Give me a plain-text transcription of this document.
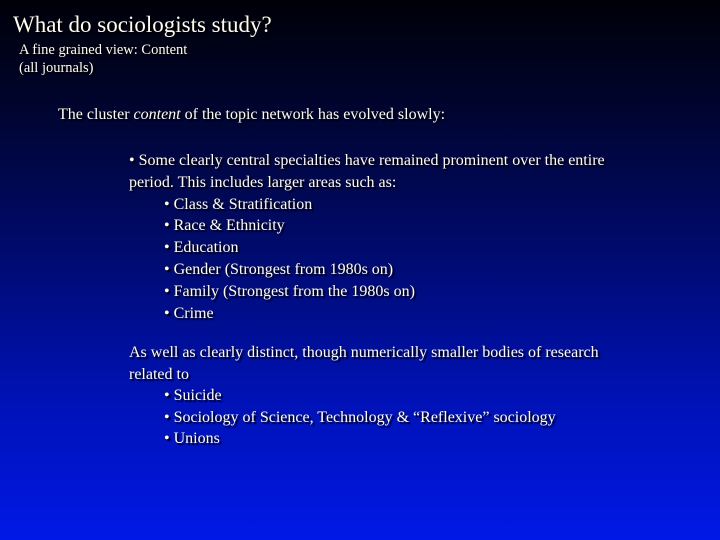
What do sociologists study?
A fine grained view: Content
(all journals)
The cluster content of the topic network has evolved slowly:
• Some clearly central specialties have remained prominent over the entire
period. This includes larger areas such as:
• Class & Stratification
• Race & Ethnicity
• Education
• Gender (Strongest from 1980s on)
• Family (Strongest from the 1980s on)
• Crime
As well as clearly distinct, though numerically smaller bodies of research
related to
• Suicide
• Sociology of Science, Technology & “Reflexive” sociology
• Unions
